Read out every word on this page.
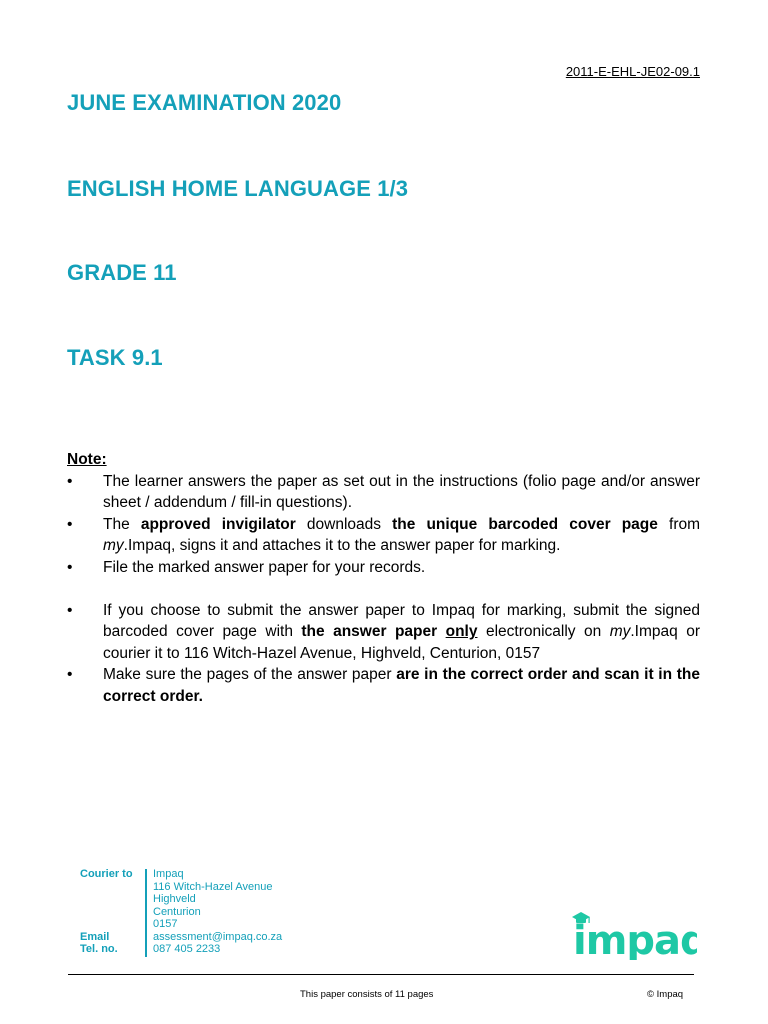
2011-E-EHL-JE02-09.1
JUNE EXAMINATION 2020
ENGLISH HOME LANGUAGE 1/3
GRADE 11
TASK 9.1
Note:
• The learner answers the paper as set out in the instructions (folio page and/or answer sheet / addendum / fill-in questions).
• The approved invigilator downloads the unique barcoded cover page from my.Impaq, signs it and attaches it to the answer paper for marking.
• File the marked answer paper for your records.
• If you choose to submit the answer paper to Impaq for marking, submit the signed barcoded cover page with the answer paper only electronically on my.Impaq or courier it to 116 Witch-Hazel Avenue, Highveld, Centurion, 0157
• Make sure the pages of the answer paper are in the correct order and scan it in the correct order.
Courier to	Impaq
116 Witch-Hazel Avenue
Highveld
Centurion
0157
Email	assessment@impaq.co.za
Tel. no.	087 405 2233	impaq
This paper consists of 11 pages	© Impaq
